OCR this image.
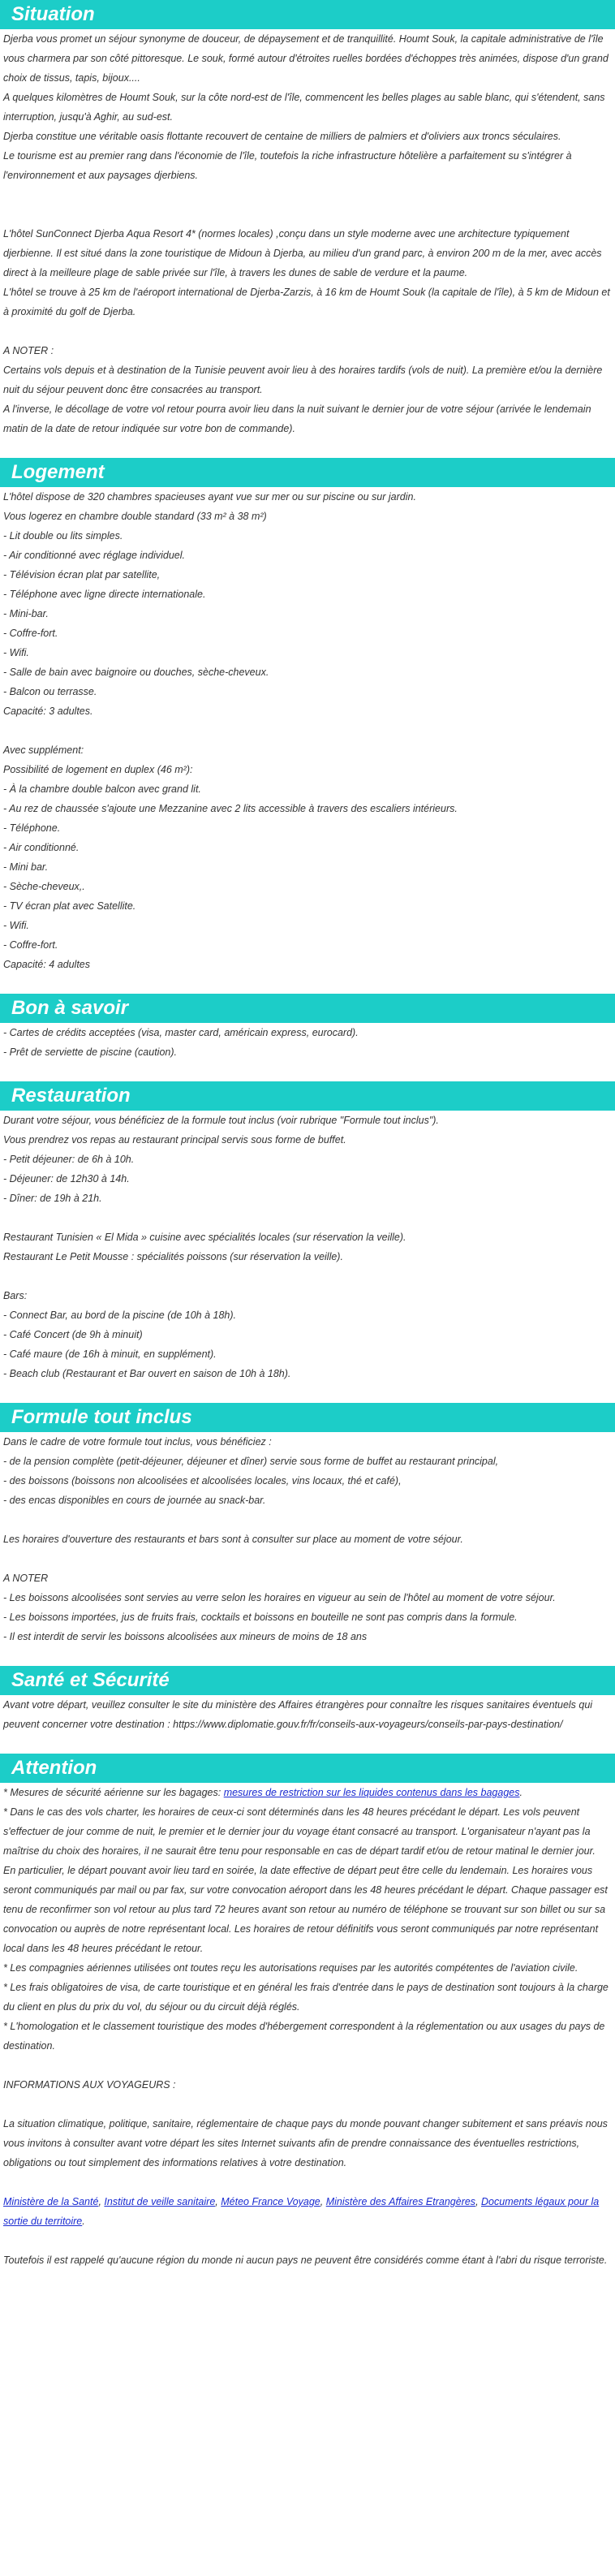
Situation
Djerba vous promet un séjour synonyme de douceur, de dépaysement et de tranquillité. Houmt Souk, la capitale administrative de l'île vous charmera par son côté pittoresque. Le souk, formé autour d'étroites ruelles bordées d'échoppes très animées, dispose d'un grand choix de tissus, tapis, bijoux....
A quelques kilomètres de Houmt Souk, sur la côte nord-est de l'île, commencent les belles plages au sable blanc, qui s'étendent, sans interruption, jusqu'à Aghir, au sud-est.
Djerba constitue une véritable oasis flottante recouvert de centaine de milliers de palmiers et d'oliviers aux troncs séculaires.
Le tourisme est au premier rang dans l'économie de l'île, toutefois la riche infrastructure hôtelière a parfaitement su s'intégrer à l'environnement et aux paysages djerbiens.
L'hôtel SunConnect Djerba Aqua Resort 4* (normes locales) ,conçu dans un style moderne avec une architecture typiquement djerbienne. Il est situé dans la zone touristique de Midoun à Djerba, au milieu d'un grand parc, à environ 200 m de la mer, avec accès direct à la meilleure plage de sable privée sur l'île, à travers les dunes de sable de verdure et la paume.
L'hôtel se trouve à 25 km de l'aéroport international de Djerba-Zarzis, à 16 km de Houmt Souk (la capitale de l'île), à 5 km de Midoun et à proximité du golf de Djerba.
A NOTER :
Certains vols depuis et à destination de la Tunisie peuvent avoir lieu à des horaires tardifs (vols de nuit). La première et/ou la dernière nuit du séjour peuvent donc être consacrées au transport.
A l'inverse, le décollage de votre vol retour pourra avoir lieu dans la nuit suivant le dernier jour de votre séjour (arrivée le lendemain matin de la date de retour indiquée sur votre bon de commande).
Logement
L'hôtel dispose de 320 chambres spacieuses ayant vue sur mer ou sur piscine ou sur jardin.
Vous logerez en chambre double standard (33 m² à 38 m²)
- Lit double ou lits simples.
- Air conditionné avec réglage individuel.
- Télévision écran plat par satellite,
- Téléphone avec ligne directe internationale.
- Mini-bar.
- Coffre-fort.
- Wifi.
- Salle de bain avec baignoire ou douches, sèche-cheveux.
- Balcon ou terrasse.
Capacité: 3 adultes.
Avec supplément:
Possibilité de logement en duplex (46 m²):
- À la chambre double balcon avec grand lit.
- Au rez de chaussée s'ajoute une Mezzanine avec 2 lits accessible à travers des escaliers intérieurs.
- Téléphone.
- Air conditionné.
- Mini bar.
- Sèche-cheveux,.
- TV écran plat avec Satellite.
- Wifi.
- Coffre-fort.
Capacité: 4 adultes
Bon à savoir
- Cartes de crédits acceptées (visa, master card, américain express, eurocard).
- Prêt de serviette de piscine (caution).
Restauration
Durant votre séjour, vous bénéficiez de la formule tout inclus (voir rubrique "Formule tout inclus").
Vous prendrez vos repas au restaurant principal servis sous forme de buffet.
- Petit déjeuner: de 6h à 10h.
- Déjeuner: de 12h30 à 14h.
- Dîner: de 19h à 21h.
Restaurant Tunisien « El Mida » cuisine avec spécialités locales (sur réservation la veille).
Restaurant Le Petit Mousse : spécialités poissons (sur réservation la veille).
Bars:
- Connect Bar, au bord de la piscine (de 10h à 18h).
- Café Concert (de 9h à minuit)
- Café maure (de 16h à minuit, en supplément).
- Beach club (Restaurant et Bar ouvert en saison de 10h à 18h).
Formule tout inclus
Dans le cadre de votre formule tout inclus, vous bénéficiez :
- de la pension complète (petit-déjeuner, déjeuner et dîner) servie sous forme de buffet au restaurant principal,
- des boissons (boissons non alcoolisées et alcoolisées locales, vins locaux, thé et café),
- des encas disponibles en cours de journée au snack-bar.
Les horaires d'ouverture des restaurants et bars sont à consulter sur place au moment de votre séjour.
A NOTER
- Les boissons alcoolisées sont servies au verre selon les horaires en vigueur au sein de l'hôtel au moment de votre séjour.
- Les boissons importées, jus de fruits frais, cocktails et boissons en bouteille ne sont pas compris dans la formule.
- Il est interdit de servir les boissons alcoolisées aux mineurs de moins de 18 ans
Santé et Sécurité
Avant votre départ, veuillez consulter le site du ministère des Affaires étrangères pour connaître les risques sanitaires éventuels qui peuvent concerner votre destination : https://www.diplomatie.gouv.fr/fr/conseils-aux-voyageurs/conseils-par-pays-destination/
Attention
* Mesures de sécurité aérienne sur les bagages: mesures de restriction sur les liquides contenus dans les bagages.
* Dans le cas des vols charter, les horaires de ceux-ci sont déterminés dans les 48 heures précédant le départ. Les vols peuvent s'effectuer de jour comme de nuit, le premier et le dernier jour du voyage étant consacré au transport. L'organisateur n'ayant pas la maîtrise du choix des horaires, il ne saurait être tenu pour responsable en cas de départ tardif et/ou de retour matinal le dernier jour. En particulier, le départ pouvant avoir lieu tard en soirée, la date effective de départ peut être celle du lendemain. Les horaires vous seront communiqués par mail ou par fax, sur votre convocation aéroport dans les 48 heures précédant le départ. Chaque passager est tenu de reconfirmer son vol retour au plus tard 72 heures avant son retour au numéro de téléphone se trouvant sur son billet ou sur sa convocation ou auprès de notre représentant local. Les horaires de retour définitifs vous seront communiqués par notre représentant local dans les 48 heures précédant le retour.
* Les compagnies aériennes utilisées ont toutes reçu les autorisations requises par les autorités compétentes de l'aviation civile.
* Les frais obligatoires de visa, de carte touristique et en général les frais d'entrée dans le pays de destination sont toujours à la charge du client en plus du prix du vol, du séjour ou du circuit déjà réglés.
* L'homologation et le classement touristique des modes d'hébergement correspondent à la réglementation ou aux usages du pays de destination.
INFORMATIONS AUX VOYAGEURS :
La situation climatique, politique, sanitaire, réglementaire de chaque pays du monde pouvant changer subitement et sans préavis nous vous invitons à consulter avant votre départ les sites Internet suivants afin de prendre connaissance des éventuelles restrictions, obligations ou tout simplement des informations relatives à votre destination.
Ministère de la Santé, Institut de veille sanitaire, Méteo France Voyage, Ministère des Affaires Etrangères, Documents légaux pour la sortie du territoire.
Toutefois il est rappelé qu'aucune région du monde ni aucun pays ne peuvent être considérés comme étant à l'abri du risque terroriste.
